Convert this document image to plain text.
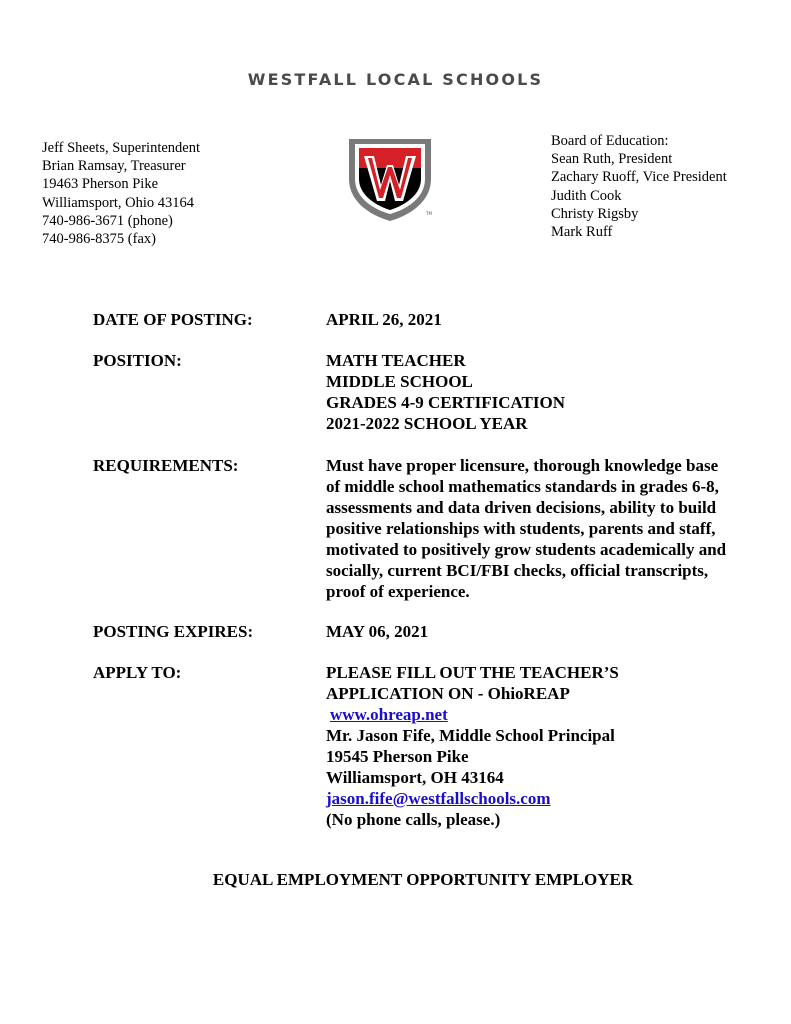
WESTFALL LOCAL SCHOOLS
Jeff Sheets, Superintendent
Brian Ramsay, Treasurer
19463 Pherson Pike
Williamsport, Ohio 43164
740-986-3671 (phone)
740-986-8375 (fax)
TM
Board of Education:
Sean Ruth, President
Zachary Ruoff, Vice President
Judith Cook
Christy Rigsby
Mark Ruff
DATE OF POSTING:	APRIL 26, 2021
POSITION:	MATH TEACHER
MIDDLE SCHOOL
GRADES 4-9 CERTIFICATION
2021-2022 SCHOOL YEAR
REQUIREMENTS:	Must have proper licensure, thorough knowledge base
of middle school mathematics standards in grades 6-8,
assessments and data driven decisions, ability to build
positive relationships with students, parents and staff,
motivated to positively grow students academically and
socially, current BCI/FBI checks, official transcripts,
proof of experience.
POSTING EXPIRES:	MAY 06, 2021
APPLY TO:	PLEASE FILL OUT THE TEACHER’S
APPLICATION ON - OhioREAP
www.ohreap.net
Mr. Jason Fife, Middle School Principal
19545 Pherson Pike
Williamsport, OH 43164
jason.fife@westfallschools.com
(No phone calls, please.)
EQUAL EMPLOYMENT OPPORTUNITY EMPLOYER
